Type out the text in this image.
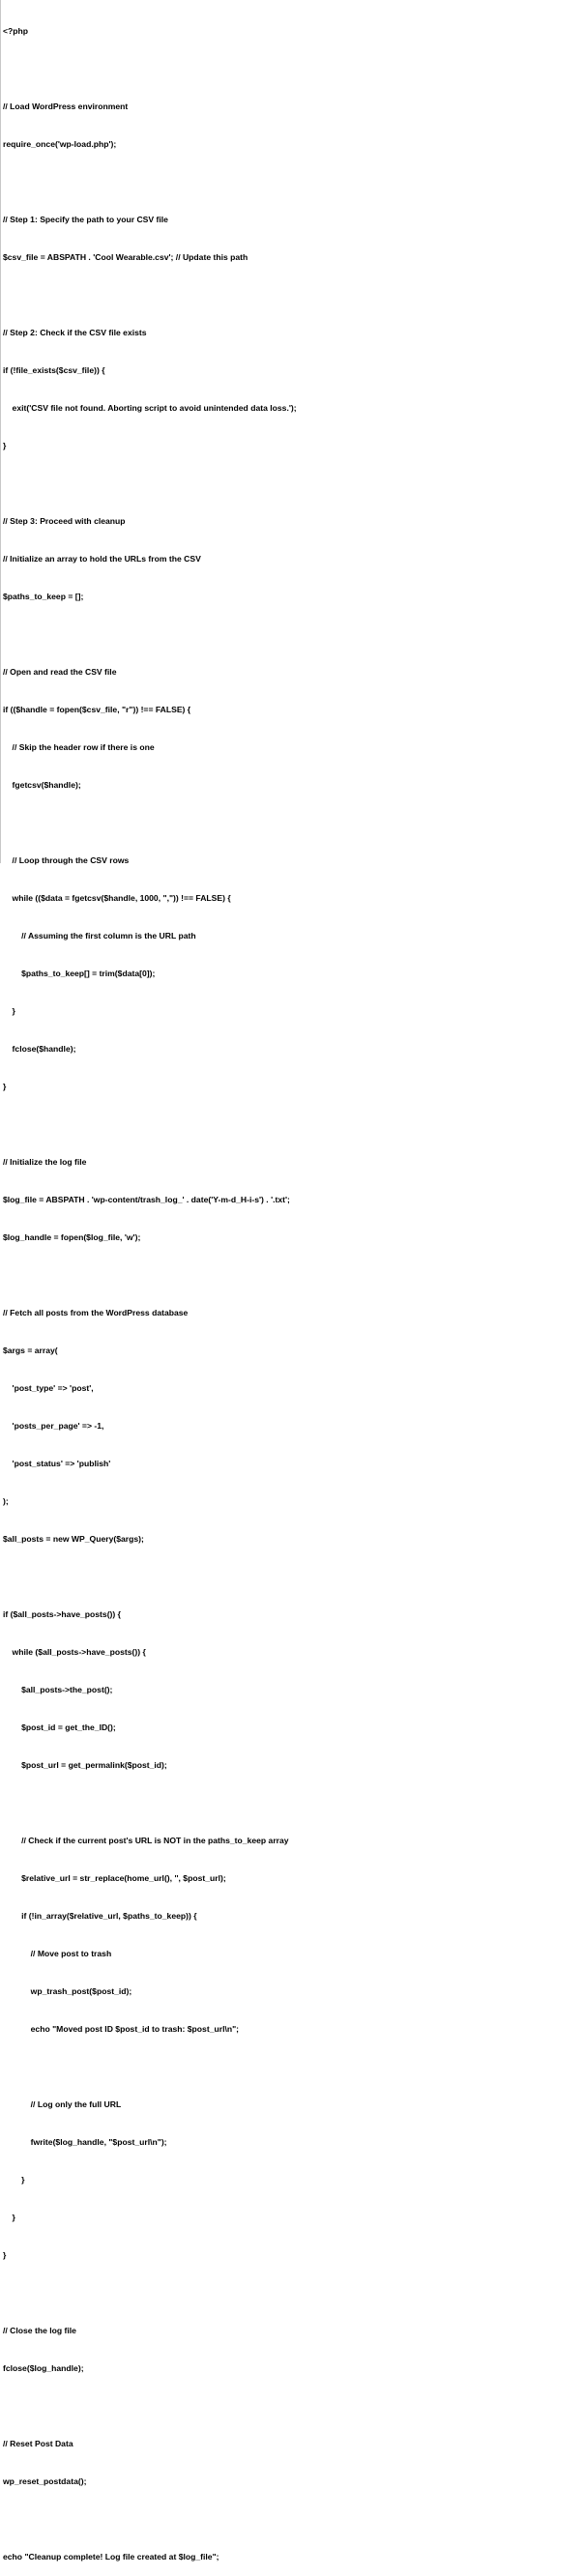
<?php

// Load WordPress environment

require_once('wp-load.php');

// Step 1: Specify the path to your CSV file

$csv_file = ABSPATH . 'Cool Wearable.csv'; // Update this path

// Step 2: Check if the CSV file exists

if (!file_exists($csv_file)) {

exit('CSV file not found. Aborting script to avoid unintended data loss.');

}

// Step 3: Proceed with cleanup

// Initialize an array to hold the URLs from the CSV

$paths_to_keep = [];

// Open and read the CSV file

if (($handle = fopen($csv_file, "r")) !== FALSE) {

// Skip the header row if there is one

fgetcsv($handle);

// Loop through the CSV rows

while (($data = fgetcsv($handle, 1000, ",")) !== FALSE) {

// Assuming the first column is the URL path

$paths_to_keep[] = trim($data[0]);

}

fclose($handle);

}

// Initialize the log file

$log_file = ABSPATH . 'wp-content/trash_log_' . date('Y-m-d_H-i-s') . '.txt';

$log_handle = fopen($log_file, 'w');

// Fetch all posts from the WordPress database

$args = array(

'post_type' => 'post',

'posts_per_page' => -1,

'post_status' => 'publish'

);

$all_posts = new WP_Query($args);

if ($all_posts->have_posts()) {

while ($all_posts->have_posts()) {

$all_posts->the_post();

$post_id = get_the_ID();

$post_url = get_permalink($post_id);

// Check if the current post's URL is NOT in the paths_to_keep array

$relative_url = str_replace(home_url(), '', $post_url);

if (!in_array($relative_url, $paths_to_keep)) {

// Move post to trash

wp_trash_post($post_id);

echo "Moved post ID $post_id to trash: $post_url\n";

// Log only the full URL

fwrite($log_handle, "$post_url\n");

}

}

}

// Close the log file

fclose($log_handle);

// Reset Post Data

wp_reset_postdata();

echo "Cleanup complete! Log file created at $log_file";
